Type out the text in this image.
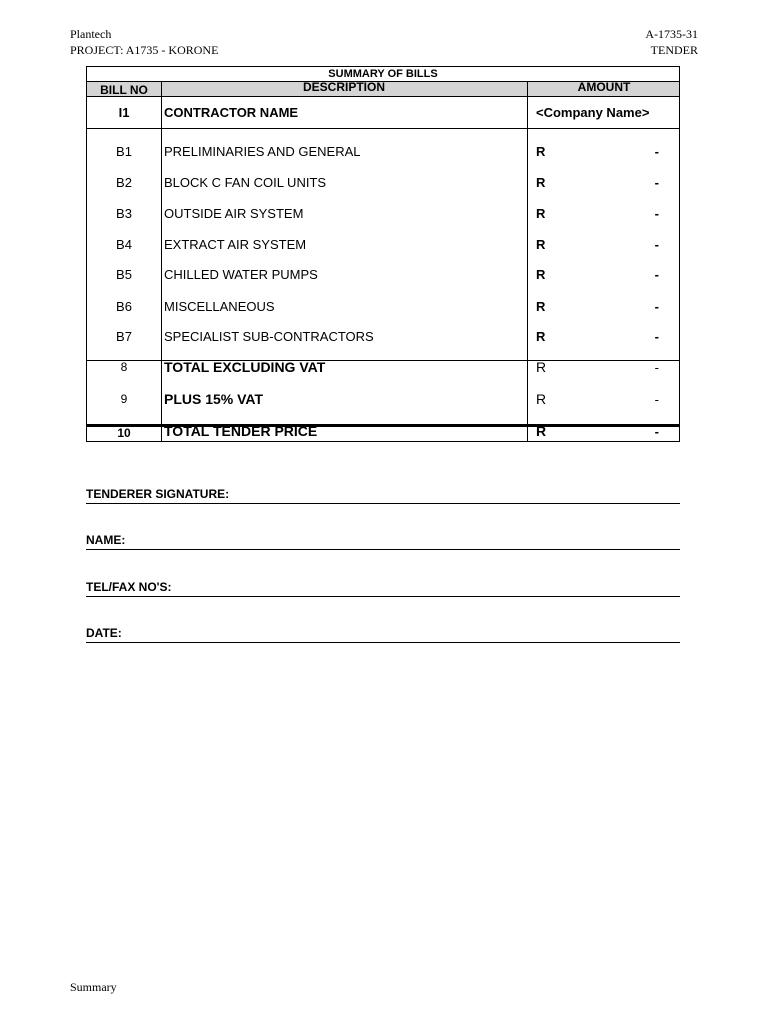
Plantech
PROJECT: A1735 - KORONE
A-1735-31
TENDER
SUMMARY OF BILLS
BILL NO	DESCRIPTION	AMOUNT
I1	CONTRACTOR NAME	<Company Name>
B1	PRELIMINARIES AND GENERAL	R	-
B2	BLOCK C FAN COIL UNITS	R	-
B3	OUTSIDE AIR SYSTEM	R	-
B4	EXTRACT AIR SYSTEM	R	-
B5	CHILLED WATER PUMPS	R	-
B6	MISCELLANEOUS	R	-
B7	SPECIALIST SUB-CONTRACTORS	R	-
8	TOTAL EXCLUDING VAT	R	-
9	PLUS 15% VAT	R	-
10	TOTAL TENDER PRICE	R	-
TENDERER SIGNATURE:
NAME:
TEL/FAX NO'S:
DATE:
Summary
